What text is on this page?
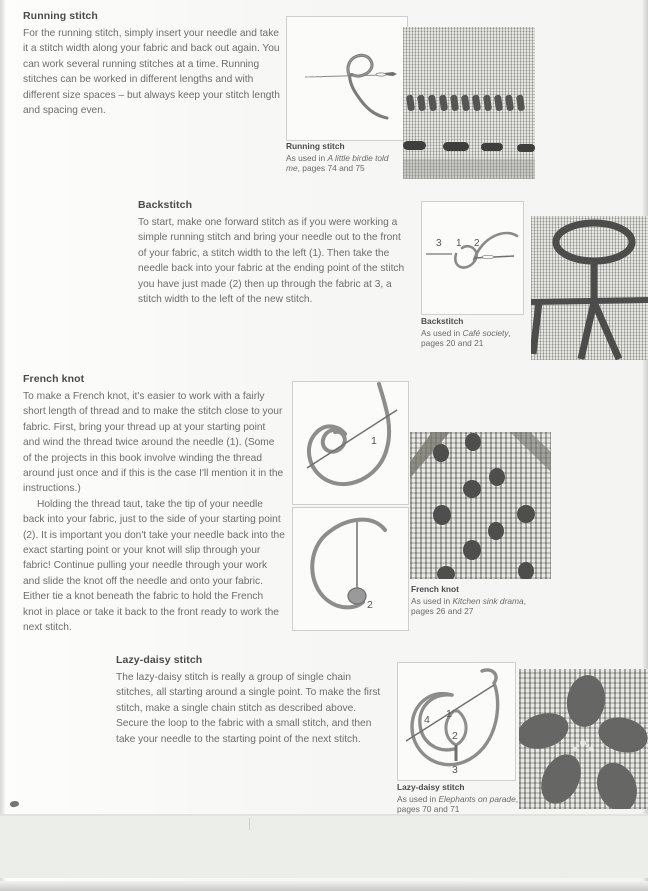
Running stitch

For the running stitch, simply insert your needle and take it a stitch width along your fabric and back out again. You can work several running stitches at a time. Running stitches can be worked in different lengths and with different size spaces – but always keep your stitch length and spacing even.

Running stitch

As used in A little birdie told me, pages 74 and 75

Backstitch

To start, make one forward stitch as if you were working a simple running stitch and bring your needle out to the front of your fabric, a stitch width to the left (1). Then take the needle back into your fabric at the ending point of the stitch you have just made (2) then up through the fabric at 3, a stitch width to the left of the new stitch.

3 1 2

Backstitch

As used in Café society, pages 20 and 21

French knot

To make a French knot, it's easier to work with a fairly short length of thread and to make the stitch close to your fabric. First, bring your thread up at your starting point and wind the thread twice around the needle (1). (Some of the projects in this book involve winding the thread around just once and if this is the case I'll mention it in the instructions.)

Holding the thread taut, take the tip of your needle back into your fabric, just to the side of your starting point (2). It is important you don't take your needle back into the exact starting point or your knot will slip through your fabric! Continue pulling your needle through your work and slide the knot off the needle and onto your fabric. Either tie a knot beneath the fabric to hold the French knot in place or take it back to the front ready to work the next stitch.

1
2

French knot

As used in Kitchen sink drama, pages 26 and 27

Lazy-daisy stitch

The lazy-daisy stitch is really a group of single chain stitches, all starting around a single point. To make the first stitch, make a single chain stitch as described above. Secure the loop to the fabric with a small stitch, and then take your needle to the starting point of the next stitch.

4 1
2
3

Lazy-daisy stitch

As used in Elephants on parade, pages 70 and 71
